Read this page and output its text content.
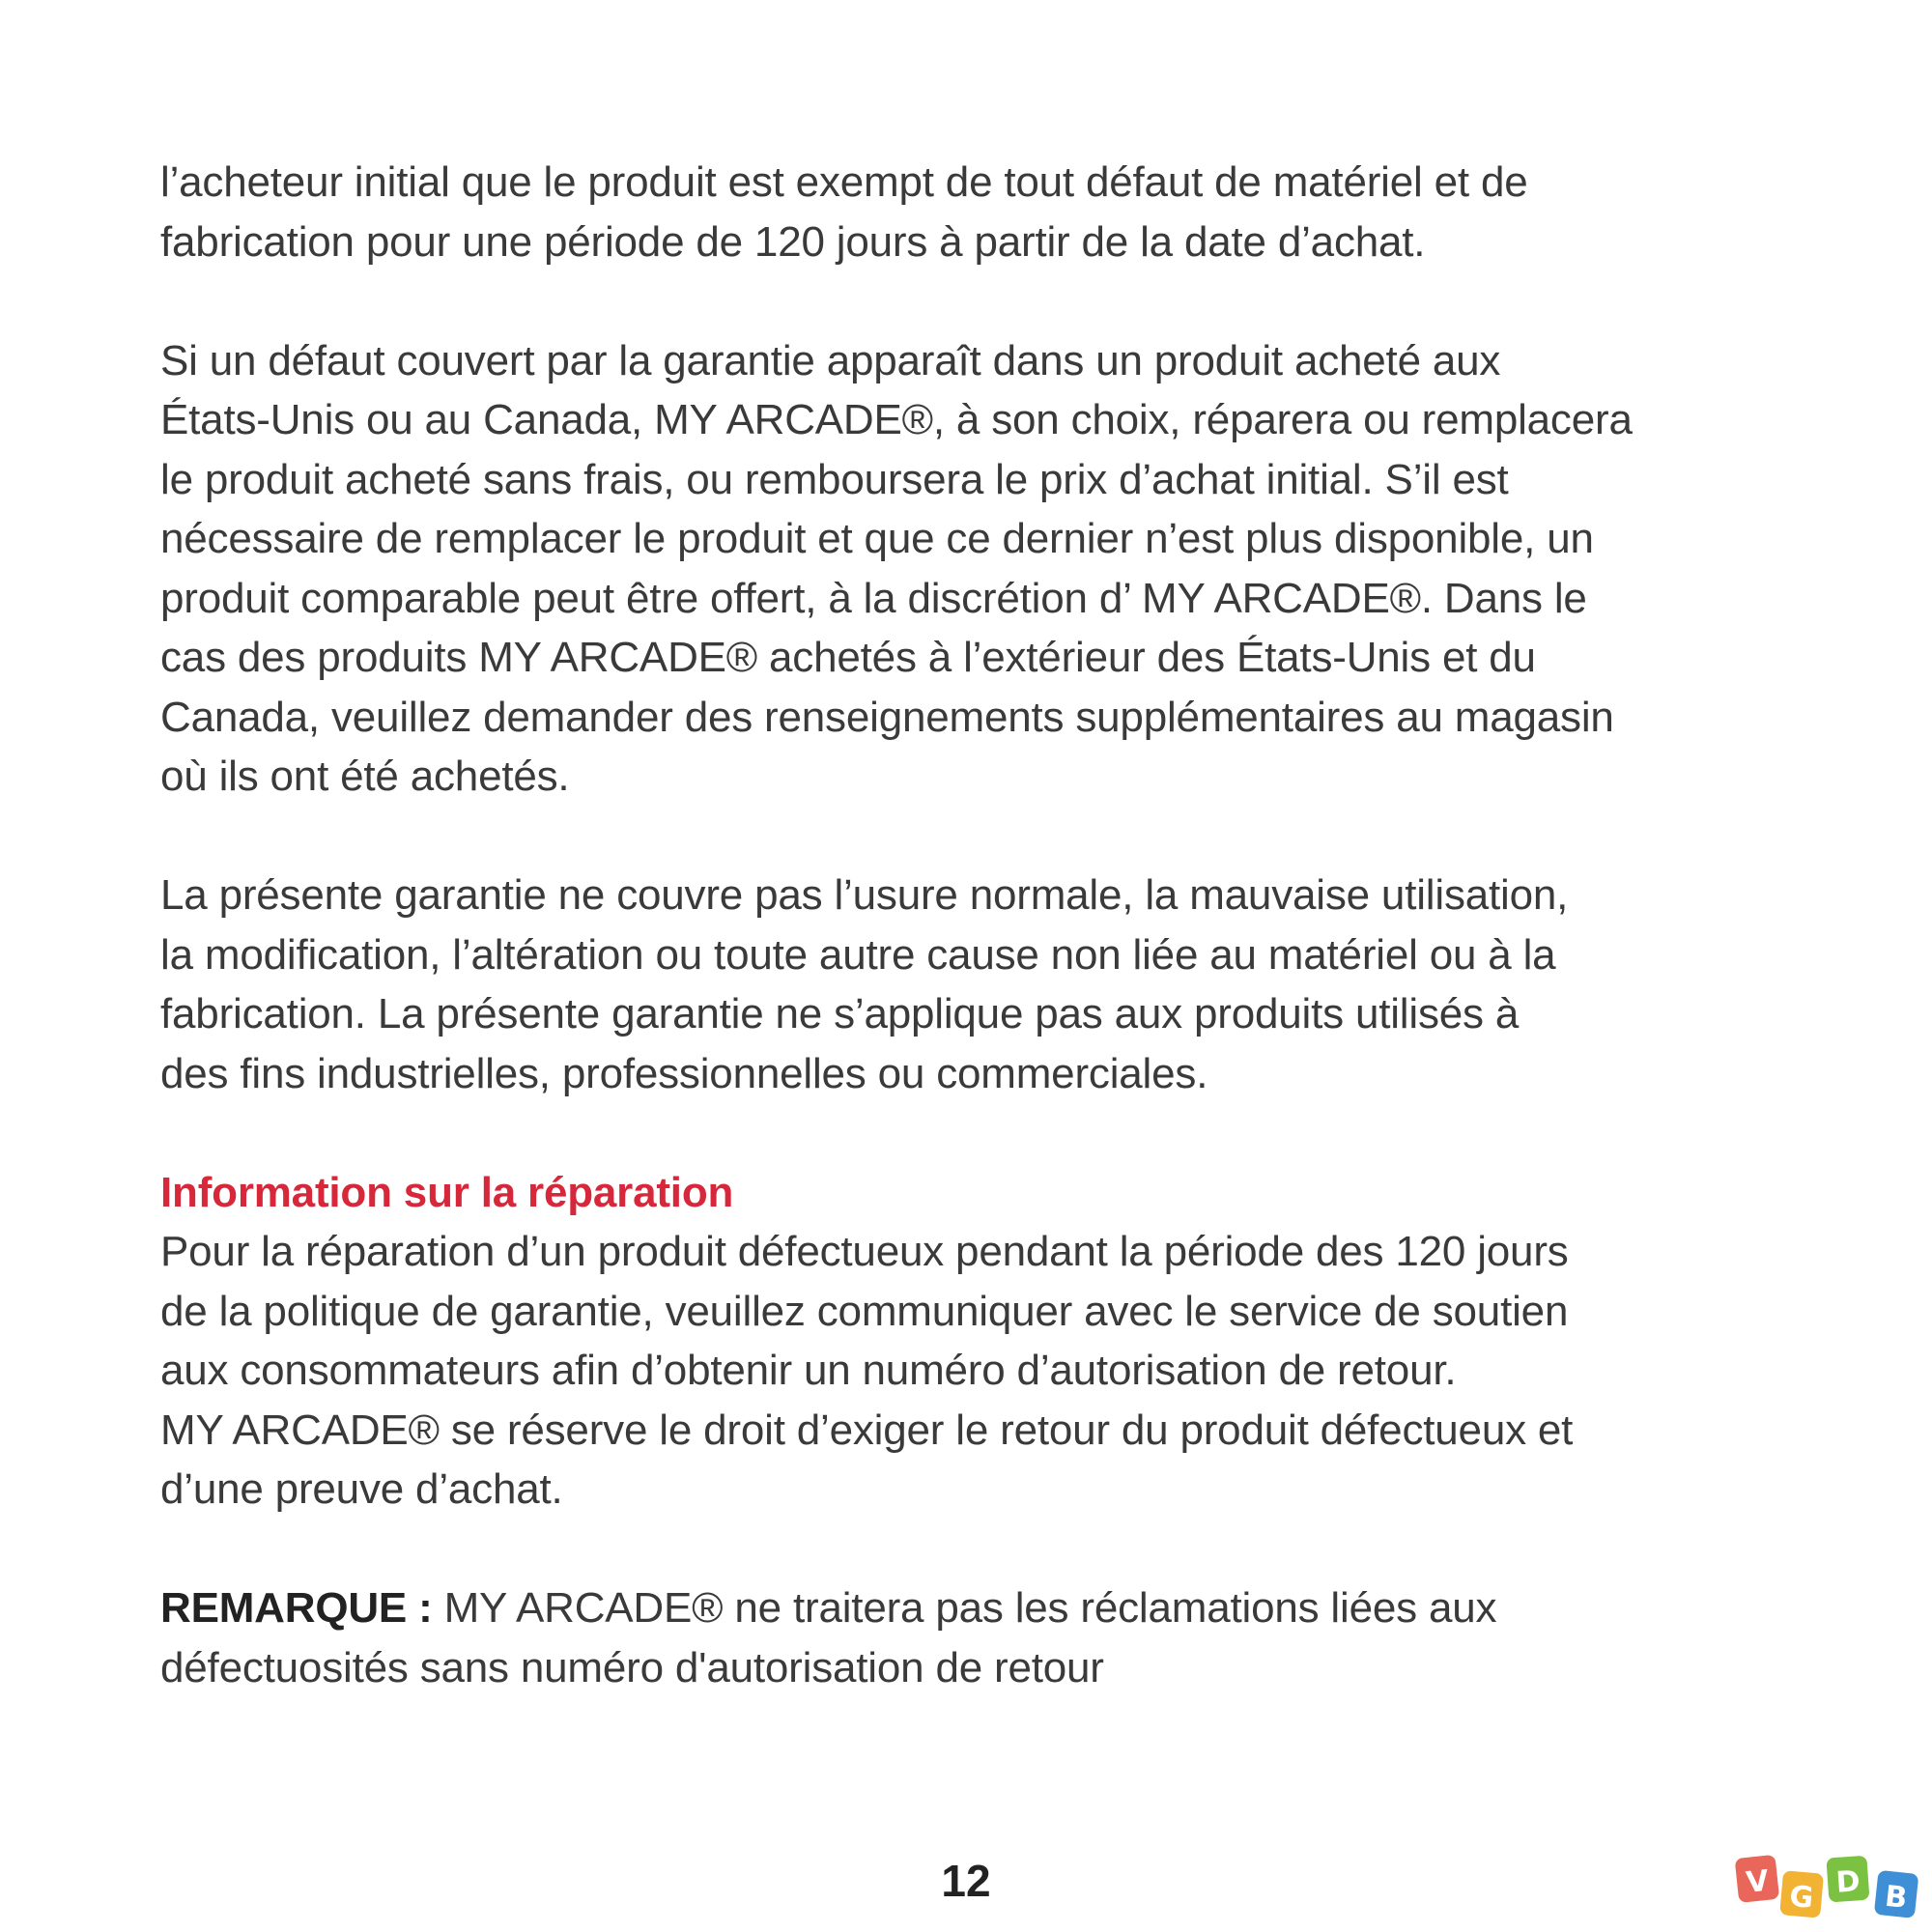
l’acheteur initial que le produit est exempt de tout défaut de matériel et de
fabrication pour une période de 120 jours à partir de la date d’achat.
Si un défaut couvert par la garantie apparaît dans un produit acheté aux
États-Unis ou au Canada, MY ARCADE®, à son choix, réparera ou remplacera
le produit acheté sans frais, ou remboursera le prix d’achat initial. S’il est
nécessaire de remplacer le produit et que ce dernier n’est plus disponible, un
produit comparable peut être offert, à la discrétion d’ MY ARCADE®. Dans le
cas des produits MY ARCADE® achetés à l’extérieur des États-Unis et du
Canada, veuillez demander des renseignements supplémentaires au magasin
où ils ont été achetés.
La présente garantie ne couvre pas l’usure normale, la mauvaise utilisation,
la modification, l’altération ou toute autre cause non liée au matériel ou à la
fabrication. La présente garantie ne s’applique pas aux produits utilisés à
des fins industrielles, professionnelles ou commerciales.
Information sur la réparation
Pour la réparation d’un produit défectueux pendant la période des 120 jours
de la politique de garantie, veuillez communiquer avec le service de soutien
aux consommateurs afin d’obtenir un numéro d’autorisation de retour.
MY ARCADE® se réserve le droit d’exiger le retour du produit défectueux et
d’une preuve d’achat.
REMARQUE : MY ARCADE® ne traitera pas les réclamations liées aux
défectuosités sans numéro d'autorisation de retour
12	V G D B
